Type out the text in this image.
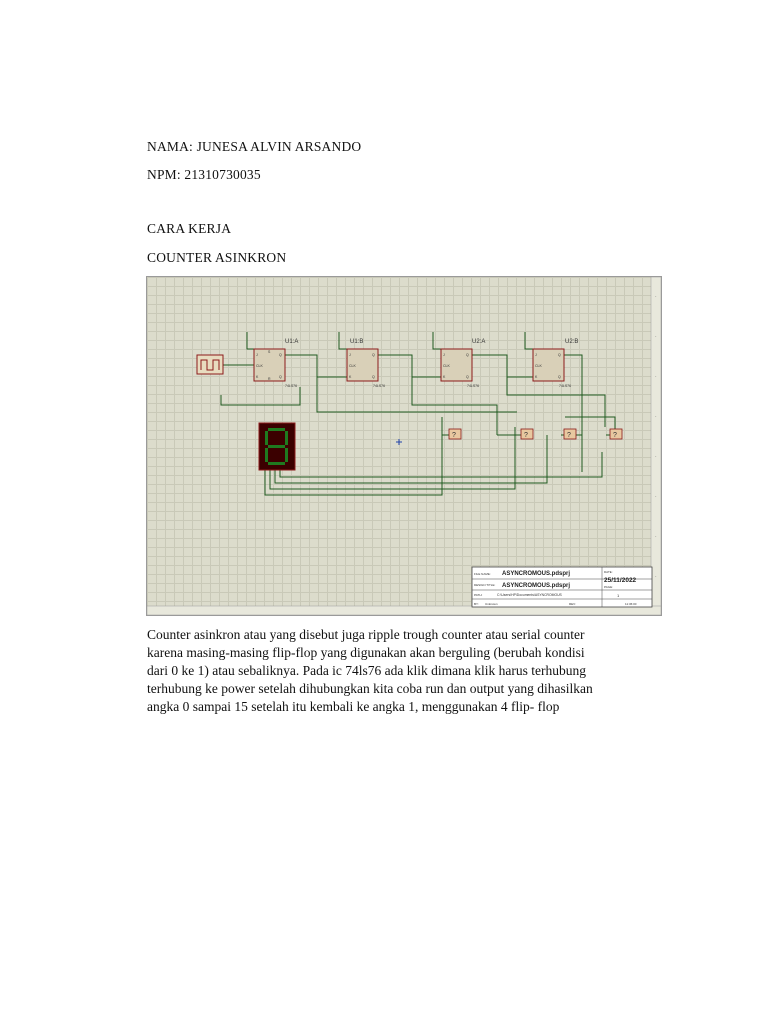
NAMA: JUNESA ALVIN ARSANDO
NPM: 21310730035
CARA KERJA
COUNTER ASINKRON
-
-
-
-
-
-
-
-
U1:A
74LS76
J
CLK
K
Q
Q
S
R
U1:B
74LS76
J
CLK
K
Q
Q
U2:A
74LS76
J
CLK
K
Q
Q
U2:B
74LS76
J
CLK
K
Q
Q
?	?	?	?
FILE NAME: ASYNCROMOUS.pdsprj
DESIGN TITLE: ASYNCROMOUS.pdsprj
PATH:	C:\Users\HP\Documents\ASYNCROMOUS
BY: Unknown	REV:
DATE:
25/11/2022
PAGE:
1
11:36:00
Counter asinkron atau yang disebut juga ripple trough counter atau serial counter
karena masing-masing flip-flop yang digunakan akan berguling (berubah kondisi
dari 0 ke 1) atau sebaliknya. Pada ic 74ls76 ada klik dimana klik harus terhubung
terhubung ke power setelah dihubungkan kita coba run dan output yang dihasilkan
angka 0 sampai 15 setelah itu kembali ke angka 1, menggunakan 4 flip- flop
